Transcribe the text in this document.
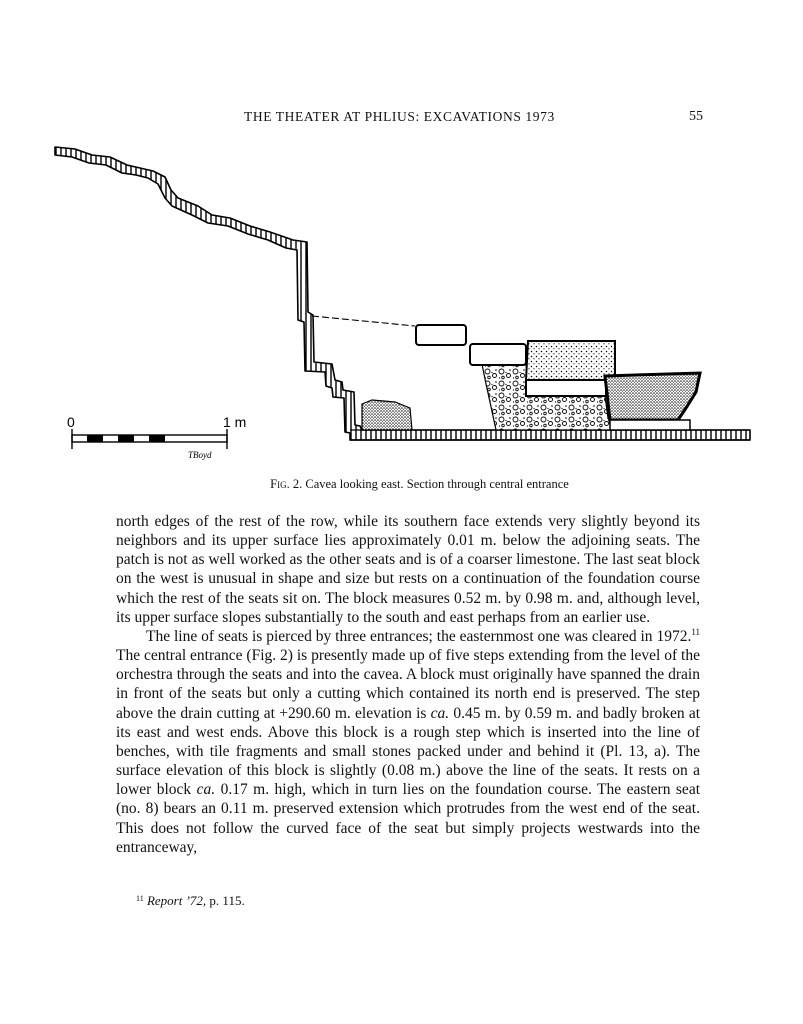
THE THEATER AT PHLIUS: EXCAVATIONS 1973	55
0	1 m
TBoyd
Fig. 2. Cavea looking east. Section through central entrance

north edges of the rest of the row, while its southern face extends very slightly beyond its neighbors and its upper surface lies approximately 0.01 m. below the adjoining seats. The patch is not as well worked as the other seats and is of a coarser limestone. The last seat block on the west is unusual in shape and size but rests on a continuation of the foundation course which the rest of the seats sit on. The block measures 0.52 m. by 0.98 m. and, although level, its upper surface slopes substantially to the south and east perhaps from an earlier use.

The line of seats is pierced by three entrances; the easternmost one was cleared in 1972.11 The central entrance (Fig. 2) is presently made up of five steps extending from the level of the orchestra through the seats and into the cavea. A block must originally have spanned the drain in front of the seats but only a cutting which contained its north end is preserved. The step above the drain cutting at +290.60 m. elevation is ca. 0.45 m. by 0.59 m. and badly broken at its east and west ends. Above this block is a rough step which is inserted into the line of benches, with tile fragments and small stones packed under and behind it (Pl. 13, a). The surface elevation of this block is slightly (0.08 m.) above the line of the seats. It rests on a lower block ca. 0.17 m. high, which in turn lies on the foundation course. The eastern seat (no. 8) bears an 0.11 m. preserved extension which protrudes from the west end of the seat. This does not follow the curved face of the seat but simply projects westwards into the entranceway,

$^{11}$ Report ’72, p. 115.
